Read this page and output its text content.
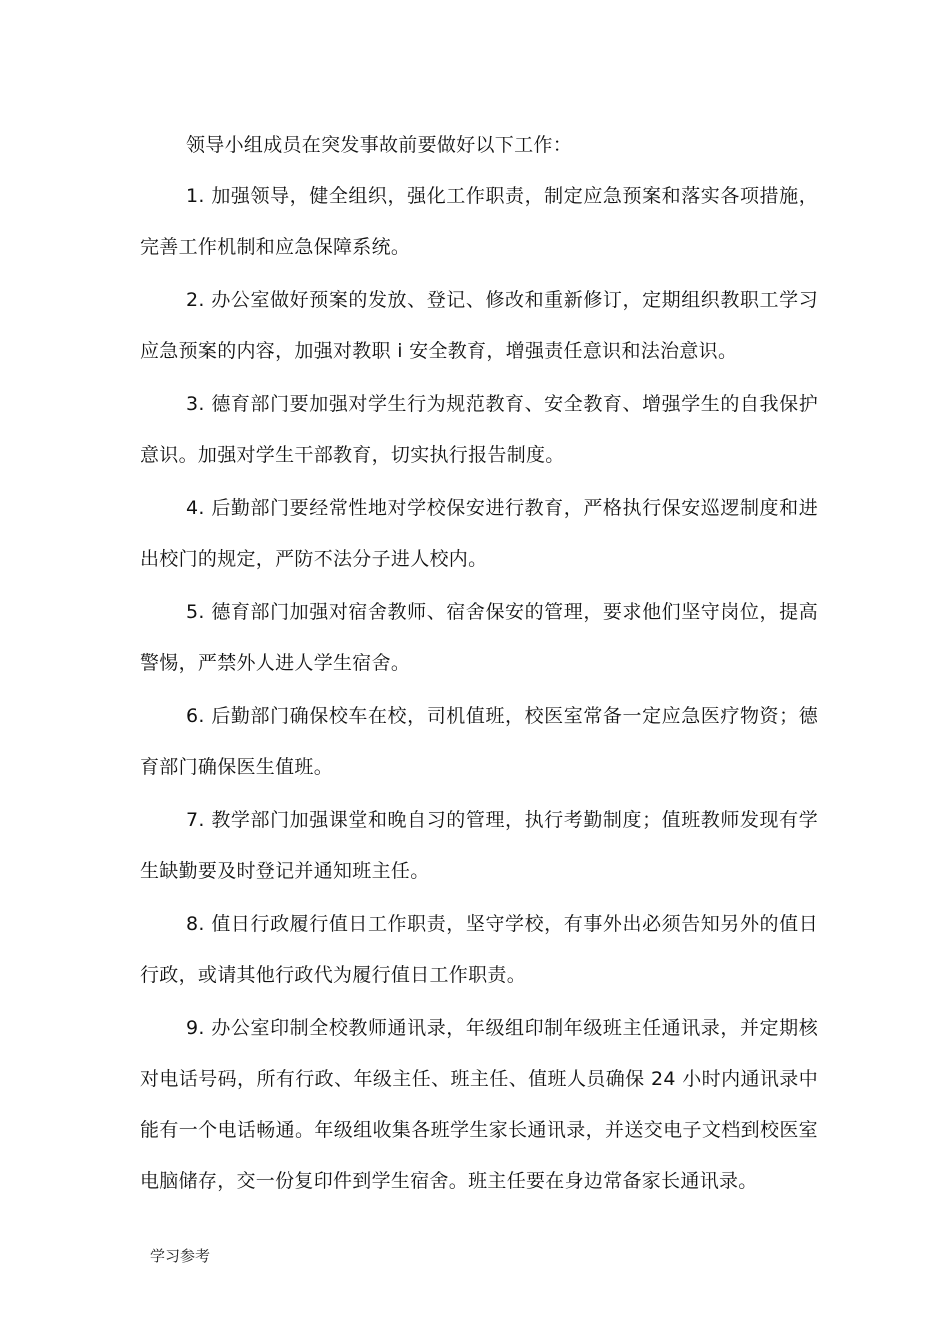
领导小组成员在突发事故前要做好以下工作：

1. 加强领导，健全组织，强化工作职责，制定应急预案和落实各项措施，完善工作机制和应急保障系统。

2. 办公室做好预案的发放、登记、修改和重新修订，定期组织教职工学习应急预案的内容，加强对教职 i 安全教育，增强责任意识和法治意识。

3. 德育部门要加强对学生行为规范教育、安全教育、增强学生的自我保护意识。加强对学生干部教育，切实执行报告制度。

4. 后勤部门要经常性地对学校保安进行教育，严格执行保安巡逻制度和进出校门的规定，严防不法分子进人校内。

5. 德育部门加强对宿舍教师、宿舍保安的管理，要求他们坚守岗位，提高警惕，严禁外人进人学生宿舍。

6. 后勤部门确保校车在校，司机值班，校医室常备一定应急医疗物资；德育部门确保医生值班。

7. 教学部门加强课堂和晚自习的管理，执行考勤制度；值班教师发现有学生缺勤要及时登记并通知班主任。

8. 值日行政履行值日工作职责，坚守学校，有事外出必须告知另外的值日行政，或请其他行政代为履行值日工作职责。

9. 办公室印制全校教师通讯录，年级组印制年级班主任通讯录，并定期核对电话号码，所有行政、年级主任、班主任、值班人员确保 24 小时内通讯录中能有一个电话畅通。年级组收集各班学生家长通讯录，并送交电子文档到校医室电脑储存，交一份复印件到学生宿舍。班主任要在身边常备家长通讯录。

学习参考
